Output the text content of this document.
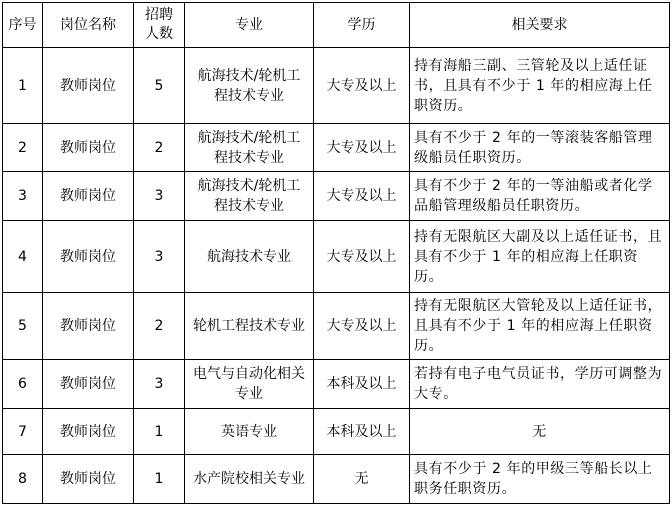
序号	岗位名称	招聘人数	专业	学历	相关要求
1	教师岗位	5	航海技术/轮机工程技术专业	大专及以上	持有海船三副、三管轮及以上适任证书，且具有不少于 1 年的相应海上任职资历。
2	教师岗位	2	航海技术/轮机工程技术专业	大专及以上	具有不少于 2 年的一等滚装客船管理级船员任职资历。
3	教师岗位	3	航海技术/轮机工程技术专业	大专及以上	具有不少于 2 年的一等油船或者化学品船管理级船员任职资历。
4	教师岗位	3	航海技术专业	大专及以上	持有无限航区大副及以上适任证书，且具有不少于 1 年的相应海上任职资历。
5	教师岗位	2	轮机工程技术专业	大专及以上	持有无限航区大管轮及以上适任证书，且具有不少于 1 年的相应海上任职资历。
6	教师岗位	3	电气与自动化相关专业	本科及以上	若持有电子电气员证书，学历可调整为大专。
7	教师岗位	1	英语专业	本科及以上	无
8	教师岗位	1	水产院校相关专业	无	具有不少于 2 年的甲级三等船长以上职务任职资历。
